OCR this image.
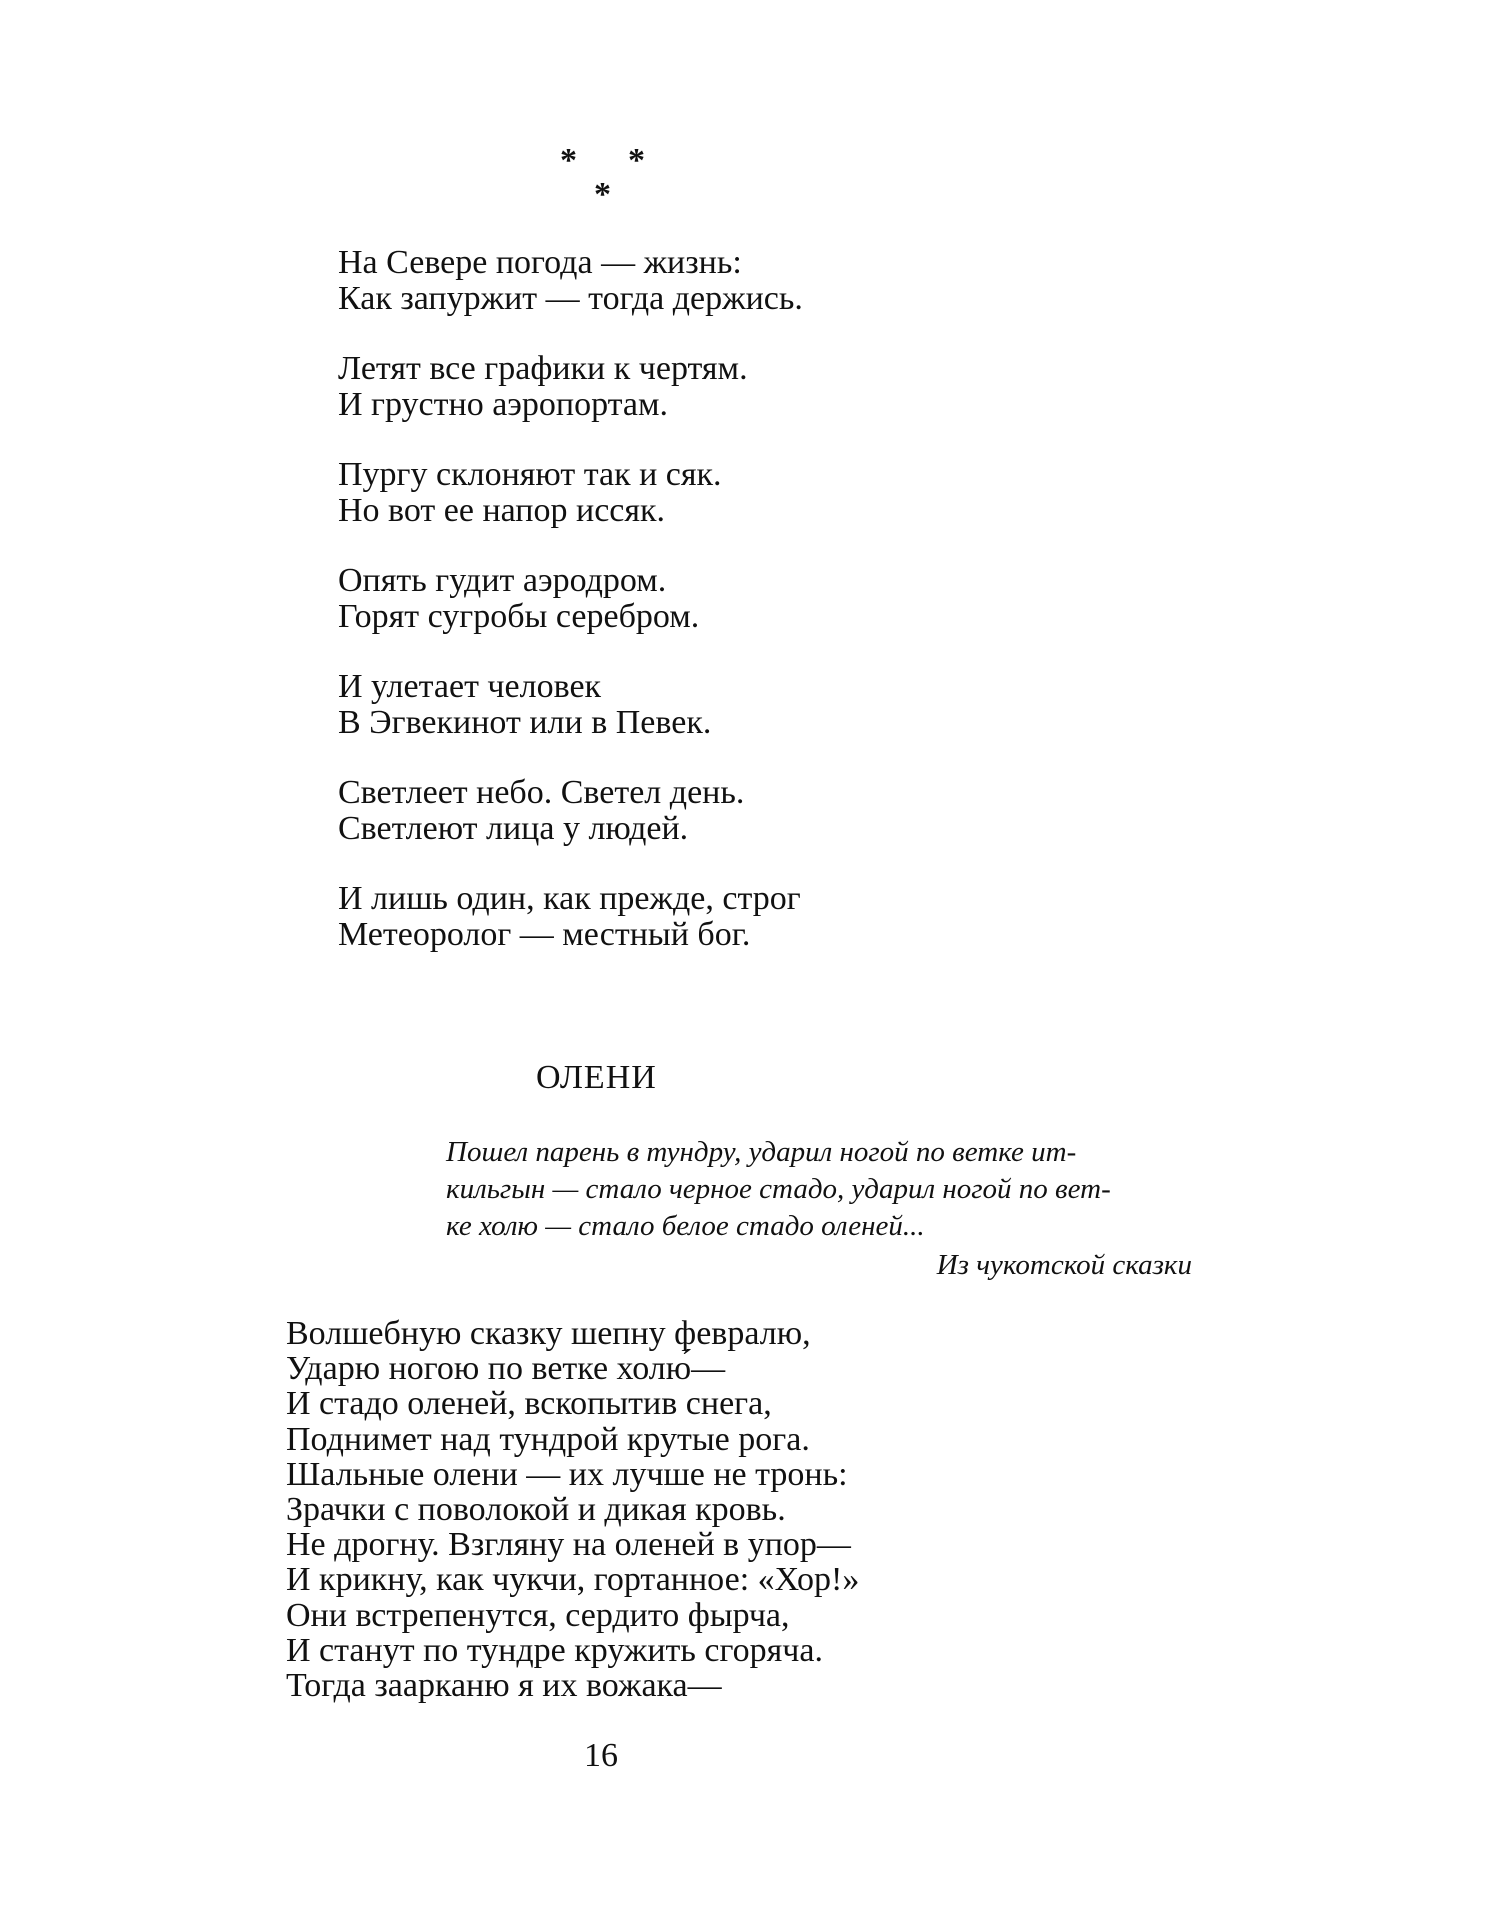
* *
*
На Севере погода — жизнь:
Как запуржит — тогда держись.
Летят все графики к чертям.
И грустно аэропортам.
Пургу склоняют так и сяк.
Но вот ее напор иссяк.
Опять гудит аэродром.
Горят сугробы серебром.
И улетает человек
В Эгвекинот или в Певек.
Светлеет небо. Светел день.
Светлеют лица у людей.
И лишь один, как прежде, строг
Метеоролог — местный бог.
ОЛЕНИ
Пошел парень в тундру, ударил ногой по ветке ит-
кильгын — стало черное стадо, ударил ногой по вет-
ке холю — стало белое стадо оленей...
Из чукотской сказки
Волшебную сказку шепну февралю,
Ударю ногою по ветке холю́—
И стадо оленей, вскопытив снега,
Поднимет над тундрой крутые рога.
Шальные олени — их лучше не тронь:
Зрачки с поволокой и дикая кровь.
Не дрогну. Взгляну на оленей в упор—
И крикну, как чукчи, гортанное: «Хор!»
Они встрепенутся, сердито фырча,
И станут по тундре кружить сгоряча.
Тогда заарканю я их вожака—
16
